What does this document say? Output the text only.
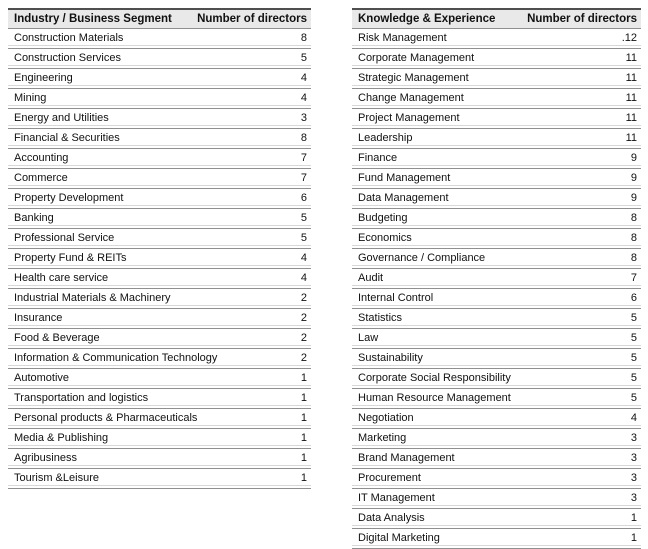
Industry / Business Segment	Number of directors
Construction Materials	8
Construction Services	5
Engineering	4
Mining	4
Energy and Utilities	3
Financial & Securities	8
Accounting	7
Commerce	7
Property Development	6
Banking	5
Professional Service	5
Property Fund & REITs	4
Health care service	4
Industrial Materials & Machinery	2
Insurance	2
Food & Beverage	2
Information & Communication Technology	2
Automotive	1
Transportation and logistics	1
Personal products & Pharmaceuticals	1
Media & Publishing	1
Agribusiness	1
Tourism &Leisure	1
Knowledge & Experience	Number of directors
Risk Management	.12
Corporate Management	11
Strategic Management	11
Change Management	11
Project Management	11
Leadership	11
Finance	9
Fund Management	9
Data Management	9
Budgeting	8
Economics	8
Governance / Compliance	8
Audit	7
Internal Control	6
Statistics	5
Law	5
Sustainability	5
Corporate Social Responsibility	5
Human Resource Management	5
Negotiation	4
Marketing	3
Brand Management	3
Procurement	3
IT Management	3
Data Analysis	1
Digital Marketing	1
